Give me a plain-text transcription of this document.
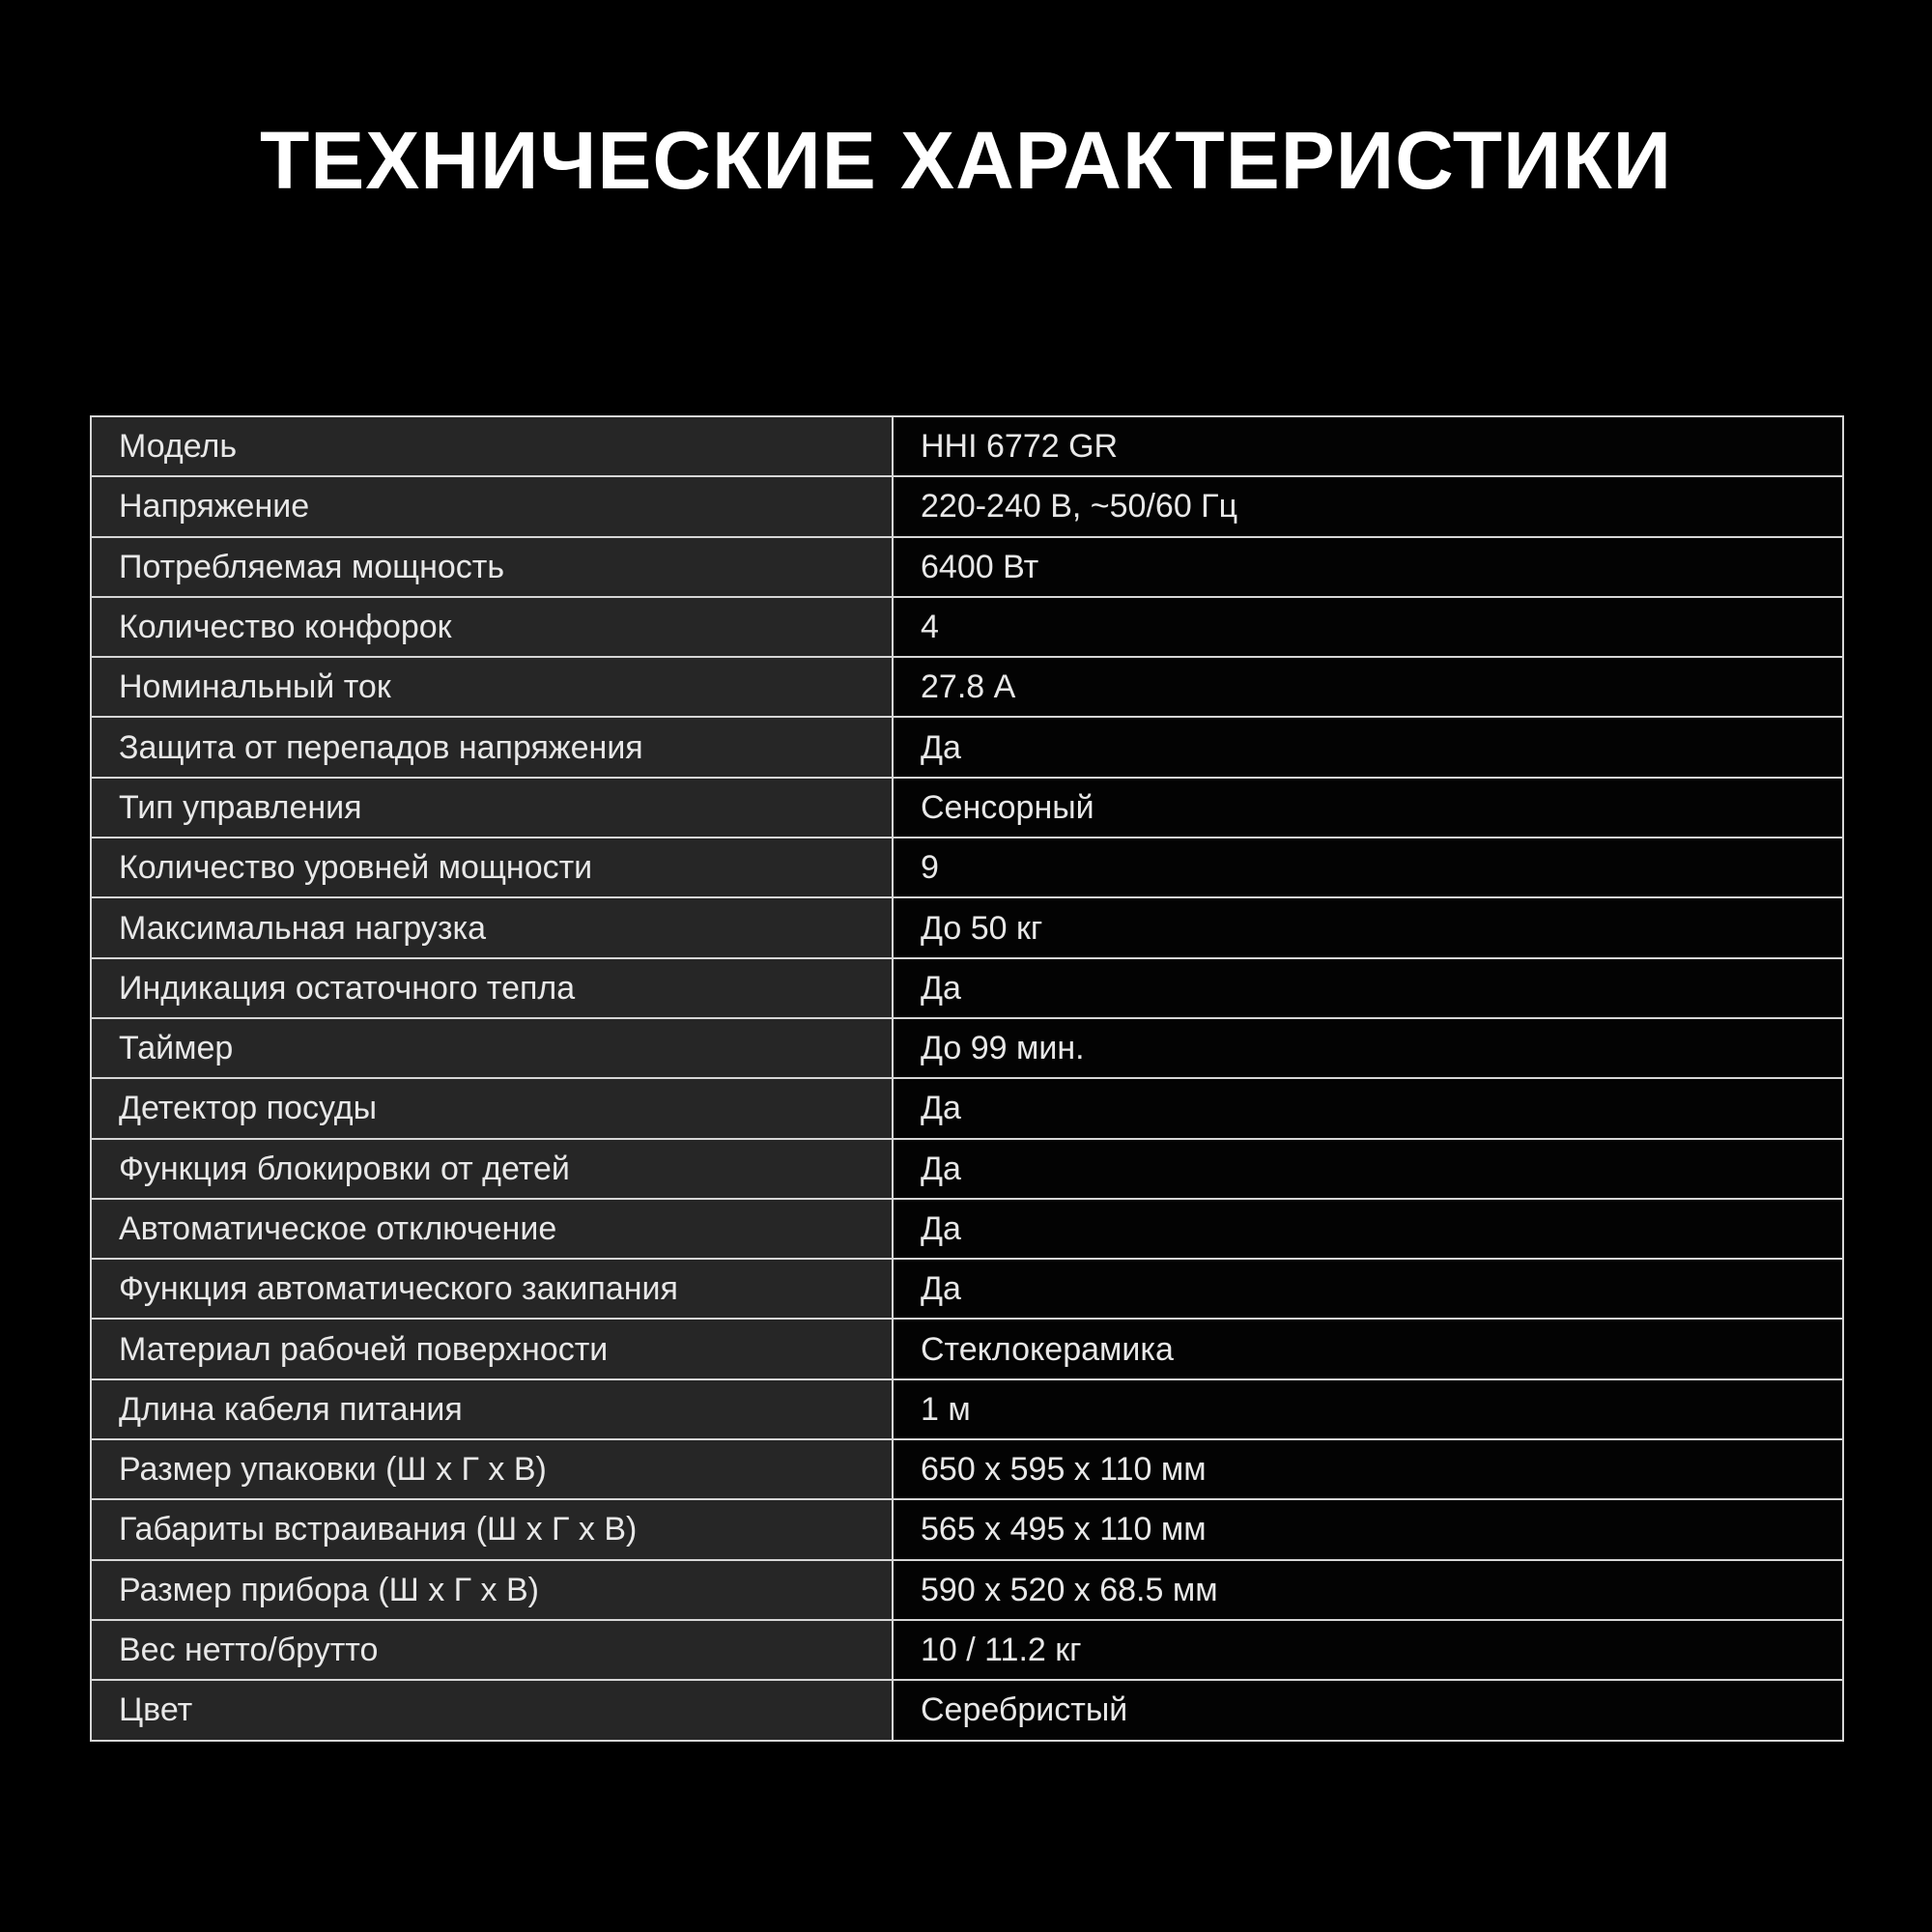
ТЕХНИЧЕСКИЕ ХАРАКТЕРИСТИКИ
Модель	HHI 6772 GR
Напряжение	220-240 В, ~50/60 Гц
Потребляемая мощность	6400 Вт
Количество конфорок	4
Номинальный ток	27.8 А
Защита от перепадов напряжения	Да
Тип управления	Сенсорный
Количество уровней мощности	9
Максимальная нагрузка	До 50 кг
Индикация остаточного тепла	Да
Таймер	До 99 мин.
Детектор посуды	Да
Функция блокировки от детей	Да
Автоматическое отключение	Да
Функция автоматического закипания	Да
Материал рабочей поверхности	Стеклокерамика
Длина кабеля питания	1 м
Размер упаковки (Ш x Г x В)	650 x 595 x 110 мм
Габариты встраивания (Ш x Г x В)	565 x 495 x 110 мм
Размер прибора (Ш x Г x В)	590 x 520 x 68.5 мм
Вес нетто/брутто	10 / 11.2 кг
Цвет	Серебристый
